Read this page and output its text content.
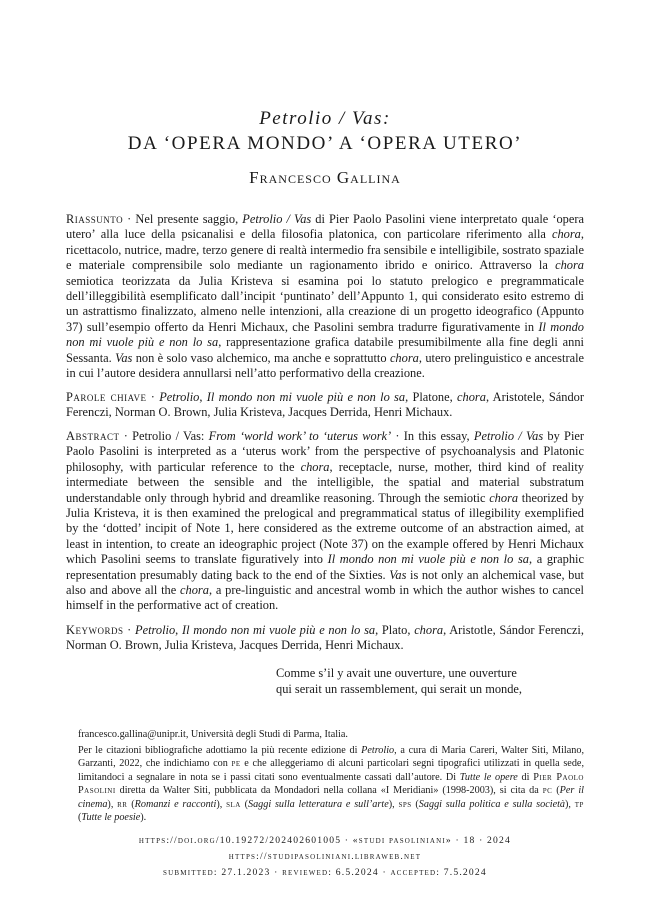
Petrolio / Vas:
DA ‘OPERA MONDO’ A ‘OPERA UTERO’
Francesco Gallina
Riassunto · Nel presente saggio, Petrolio / Vas di Pier Paolo Pasolini viene interpretato quale ‘opera utero’ alla luce della psicanalisi e della filosofia platonica, con particolare riferimento alla chora, ricettacolo, nutrice, madre, terzo genere di realtà intermedio fra sensibile e intelligibile, sostrato spaziale e materiale comprensibile solo mediante un ragionamento ibrido e onirico. Attraverso la chora semiotica teorizzata da Julia Kristeva si esamina poi lo statuto prelogico e pregrammaticale dell’illeggibilità esemplificato dall’incipit ‘puntinato’ dell’Appunto 1, qui considerato esito estremo di un astrattismo finalizzato, almeno nelle intenzioni, alla creazione di un progetto ideografico (Appunto 37) sull’esempio offerto da Henri Michaux, che Pasolini sembra tradurre figurativamente in Il mondo non mi vuole più e non lo sa, rappresentazione grafica databile presumibilmente alla fine degli anni Sessanta. Vas non è solo vaso alchemico, ma anche e soprattutto chora, utero prelinguistico e ancestrale in cui l’autore desidera annullarsi nell’atto performativo della creazione.
Parole chiave · Petrolio, Il mondo non mi vuole più e non lo sa, Platone, chora, Aristotele, Sándor Ferenczi, Norman O. Brown, Julia Kristeva, Jacques Derrida, Henri Michaux.
Abstract · Petrolio / Vas: From ‘world work’ to ‘uterus work’ · In this essay, Petrolio / Vas by Pier Paolo Pasolini is interpreted as a ‘uterus work’ from the perspective of psychoanalysis and Platonic philosophy, with particular reference to the chora, receptacle, nurse, mother, third kind of reality intermediate between the sensible and the intelligible, the spatial and material substratum understandable only through hybrid and dreamlike reasoning. Through the semiotic chora theorized by Julia Kristeva, it is then examined the prelogical and pregrammatical status of illegibility exemplified by the ‘dotted’ incipit of Note 1, here considered as the extreme outcome of an abstraction aimed, at least in intention, to create an ideographic project (Note 37) on the example offered by Henri Michaux which Pasolini seems to translate figuratively into Il mondo non mi vuole più e non lo sa, a graphic representation presumably dating back to the end of the Sixties. Vas is not only an alchemical vase, but also and above all the chora, a pre-linguistic and ancestral womb in which the author wishes to cancel himself in the performative act of creation.
Keywords · Petrolio, Il mondo non mi vuole più e non lo sa, Plato, chora, Aristotle, Sándor Ferenczi, Norman O. Brown, Julia Kristeva, Jacques Derrida, Henri Michaux.
Comme s’il y avait une ouverture, une ouverture
qui serait un rassemblement, qui serait un monde,
francesco.gallina@unipr.it, Università degli Studi di Parma, Italia.
Per le citazioni bibliografiche adottiamo la più recente edizione di Petrolio, a cura di Maria Careri, Walter Siti, Milano, Garzanti, 2022, che indichiamo con pe e che alleggeriamo di alcuni particolari segni tipografici utilizzati in quella sede, limitandoci a segnalare in nota se i passi citati sono eventualmente cassati dall’autore. Di Tutte le opere di Pier Paolo Pasolini diretta da Walter Siti, pubblicata da Mondadori nella collana «I Meridiani» (1998-2003), si cita da pc (Per il cinema), rr (Romanzi e racconti), sla (Saggi sulla letteratura e sull’arte), sps (Saggi sulla politica e sulla società), tp (Tutte le poesie).
https://doi.org/10.19272/202402601005 · «studi pasoliniani» · 18 · 2024
https://studipasoliniani.libraweb.net
submitted: 27.1.2023 · reviewed: 6.5.2024 · accepted: 7.5.2024
